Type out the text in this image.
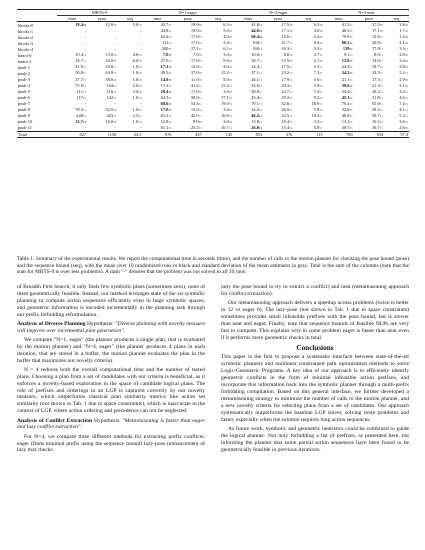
	MBTS-0			N=1 eager			N=4 eager			N=4 neat		
	time	pose	seq	time	pose	seq	time	pose	seq	time	pose	seq
blocks-0	19.4±0	12.0±0	5.0±0	43.7±1	19.9±0	6.5±0	41.8±1	17.5±0	6.5±0	41.5±1	17.5±0	2.8±0
blocks-1	-	-	-	44.8±1	19.0±0	5.0±0	44.0±0	17.1±0	4.0±0	46.5±1	17.1±0	1.7±0
blocks-2	-	-	-	62.6±1	17.0±0	4.0±0	60.4±0	12.6±1	2.4±0	70.9±1	12.6±1	1.4±0
blocks-3	-	-	-	111±1	17.0±0	3.4±1	104±1	21.7±1	9.4±0	80.2±1	20.8±1	2.1±0
blocks-4	-	-	-	200±1	27.1±1	6.1±0	160±1	19.3±1	3.3±1	139±1	17.8±1	3.3±1
hanoi-0	10.4±1	13.0±0	4.0±0	7.0±1	7.0±0	3.0±0	10.0±1	8.0±0	3.7±1	9.1±1	8.0±1	2.9±0
hanoi-1	34.7±1	34.0±0	6.0±0	27.0±1	17.0±0	8.0±0	18.7±1	13.5±0	5.1±0	13.8±1	14.0±1	3.4±0
push-1	41.9±1	55.8±1	1.0±0	17.1±1	14.0±0	4.0±0	24.4±1	17.5±1	5.3±1	24.9±1	18.7±1	3.8±0
push-2	50.0±1	64.0±1	1.0±0	49.5±1	37.0±0	15.2±1	37.1±1	23.2±1	7.2±1	34.3±1	24.3±1	5.2±1
push-3	27.7±1	38.0±0	1.0±0	14.0±1	11.0±0	5.0±0	26.1±1	17.9±1	5.6±1	21.1±1	17.5±1	2.9±0
push-4	75.9±1	104±1	2.0±0	71.3±1	41.2±1	15.2±1	32.6±1	20.3±1	5.9±1	30.6±1	21.3±1	3.1±0
push-5	111±1	116±1	3.0±0	20.4±1	17.0±0	3.0±0	30.8±1	23.7±1	7.4±1	24.4±1	18.2±1	3.2±1
push-6	117±1	142±1	1.0±0	64.5±1	50.0±1	17.1±1	45.4±1	29.2±1	9.2±1	45.1±1	31.8±1	4.6±1
push-7	-	-	-	68.6±1	53.3±1	19.0±1	79.1±1	52.6±1	18.0±1	70.4±1	55.0±1	7.4±1
push-8	78.3±1	92.0±0	1.0±0	17.0±1	13.0±0	3.0±0	32.4±1	26.0±1	7.8±1	32.8±1	28.2±1	4.1±1
push-9	248±1	423±1	2.5±1	63.3±1	45.0±1	16.0±1	46.2±1	32.5±1	10.4±1	49.8±1	39.7±1	5.3±1
push-10	12.7±1	16.0±0	1.0±0	12.8±1	9.0±0	3.0±0	13.8±1	10.4±1	3.3±1	13.2±1	10.5±1	3.6±1
push-11	-	-	-	61.1±1	25.5±1	10.7±1	26.8±1	15.4±1	5.8±1	30.5±1	16.7±1	2.6±0
Total	827	1158	24.5	976	437	145	853	376	115	783	394	57.4
Table 1: Summary of the experimental results. We report the computational time in seconds (time), and the number of calls to the motion planner for checking the pose bound (pose) and the sequence bound (seq), with the mean over 10 randomized runs in black and standard deviation of the mean estimator in gray. Total is the sum of the columns (note that the sum for MBTS-0 is over less problems). A dash "-" denotes that the problem was not solved in all 10 runs.

of Breadth First Search, it only finds few symbolic plans (sometimes zero), none of them geometrically feasible. Instead, our method leverages state of the art symbolic planning to compute action sequences efficiently even in huge symbolic spaces, and geometric information is encoded incrementally in the planning task through our prefix forbidding reformulation.

Analysis of Diverse Planning Hypothesis: "Diverse planning with novelty measure will improve over incremental plan generation".

We compare "N=1, eager" (the planner produces a single plan, that is evaluated by the motion planner) and "N=4, eager" (the planner produces 4 plans in each iteration, that are stored in a buffer, the motion planner evaluates the plan in the buffer that maximizes our novelty criteria).

N = 4 reduces both the overall computational time and the number of tested plans. Choosing a plan from a set of candidates with our criteria is beneficial, as it enforces a novelty-based exploration in the space of candidate logical plans. The role of prefixes and orderings in an LGP is captured correctly by our novelty measure, which outperforms classical plan similarity metrics like action set similarity (not shown in Tab. 1 due to space constraints), which is inaccurate in the context of LGP, where action ordering and precedence can not be neglected.

Analysis of Conflict Extraction Hypothesis: "Metareasoning is faster than eager and lazy conflict extraction".

For N=4, we compare three different methods for extracting prefix conflicts: eager (finds minimal prefix using the sequence bound) lazy-pose (enhancement of lazy that checks

only the pose bound to try to extract a conflict) and neat (metareasoning approach for conflict extraction).

Our metareasoning approach delivers a speedup across problems (twice is better in 12 vs eager 6). The lazy-pose (not shown in Tab. 1 due to space constraints) sometimes provides small infeasible prefixes with the pose bound, but is slower than neat and eager. Finally, note that sequence bounds of feasible NLPs are very fast to compute. This explains why in some problem eager is faster than neat even if it performs more geometric checks in total.

Conclusions

This paper is the first to propose a systematic interface between state-of-the-art symbolic planners and nonlinear constrained path optimization methods to solve Logic-Geometric Programs. A key idea of our approach is to efficiently identify geometric conflicts in the form of minimal infeasible action prefixes, and incorporate this information back into the symbolic planner through a multi-prefix forbidding compilation. Based on this general interface, we further developed a metareasoning strategy to minimize the number of calls to the motion planner, and a new novelty criteria for selecting plans from a set of candidates. Our approach systematically outperforms the baseline LGP solver, solving more problems and faster, especially when the solution requires long action sequences.

As future work, symbolic and geometric heuristics could be combined to guide the logical planner: Not only forbidding a list of prefixes, as presented here, but informing the planner that some partial action sequences have been found to be geometrically feasible in previous iterations.
